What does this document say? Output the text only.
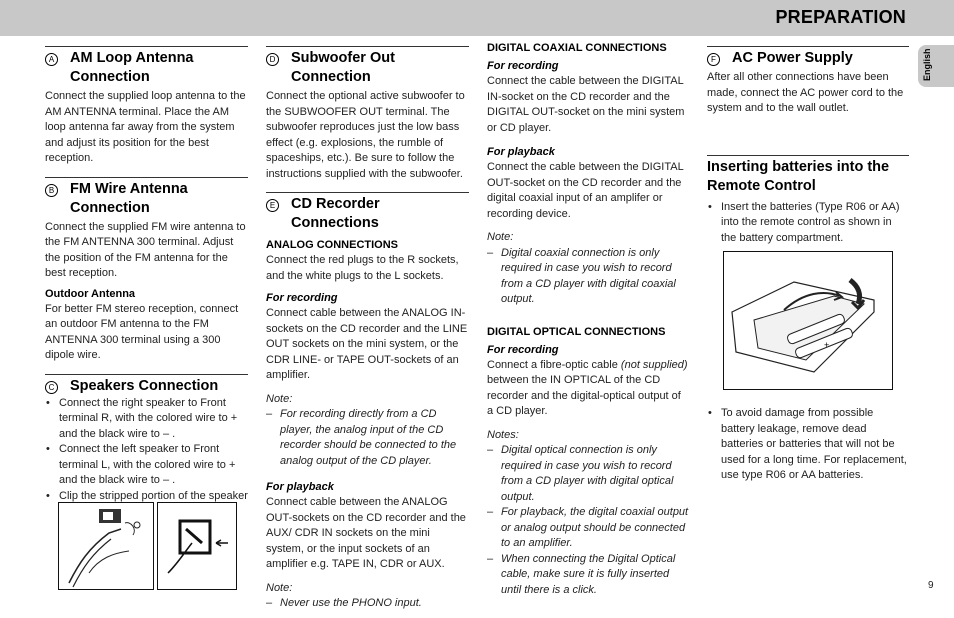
PREPARATION
English
A AM Loop Antenna
Connection
Connect the supplied loop antenna to the AM ANTENNA terminal. Place the AM loop antenna far away from the system and adjust its position for the best reception.
B FM Wire Antenna
Connection
Connect the supplied FM wire antenna to the FM ANTENNA 300 terminal. Adjust the position of the FM antenna for the best reception.
Outdoor Antenna
For better FM stereo reception, connect an outdoor FM antenna to the FM ANTENNA 300 terminal using a 300 dipole wire.
C Speakers Connection
• Connect the right speaker to Front terminal R, with the colored wire to + and the black wire to – .
• Connect the left speaker to Front terminal L, with the colored wire to + and the black wire to – .
• Clip the stripped portion of the speaker
D Subwoofer Out Connection
Connect the optional active subwoofer to the SUBWOOFER OUT terminal. The subwoofer reproduces just the low bass effect (e.g. explosions, the rumble of spaceships, etc.). Be sure to follow the instructions supplied with the subwoofer.
E CD Recorder Connections
ANALOG CONNECTIONS
Connect the red plugs to the R sockets, and the white plugs to the L sockets.
For recording
Connect cable between the ANALOG IN-sockets on the CD recorder and the LINE OUT sockets on the mini system, or the CDR LINE- or TAPE OUT-sockets of an amplifier.
Note:
– For recording directly from a CD player, the analog input of the CD recorder should be connected to the analog output of the CD player.
For playback
Connect cable between the ANALOG OUT-sockets on the CD recorder and the AUX/ CDR IN sockets on the mini system, or the input sockets of an amplifier e.g. TAPE IN, CDR or AUX.
Note:
– Never use the PHONO input.
DIGITAL COAXIAL CONNECTIONS
For recording
Connect the cable between the DIGITAL IN-socket on the CD recorder and the DIGITAL OUT-socket on the mini system or CD player.
For playback
Connect the cable between the DIGITAL OUT-socket on the CD recorder and the digital coaxial input of an amplifer or recording device.
Note:
– Digital coaxial connection is only required in case you wish to record from a CD player with digital coaxial output.
DIGITAL OPTICAL CONNECTIONS
For recording
Connect a fibre-optic cable (not supplied) between the IN OPTICAL of the CD recorder and the digital-optical output of a CD player.
Notes:
– Digital optical connection is only required in case you wish to record from a CD player with digital optical output.
– For playback, the digital coaxial output or analog output should be connected to an amplifier.
– When connecting the Digital Optical cable, make sure it is fully inserted until there is a click.
F AC Power Supply
After all other connections have been made, connect the AC power cord to the system and to the wall outlet.
Inserting batteries into the
Remote Control
• Insert the batteries (Type R06 or AA) into the remote control as shown in the battery compartment.
• To avoid damage from possible battery leakage, remove dead batteries or batteries that will not be used for a long time. For replacement, use type R06 or AA batteries.
+
9
